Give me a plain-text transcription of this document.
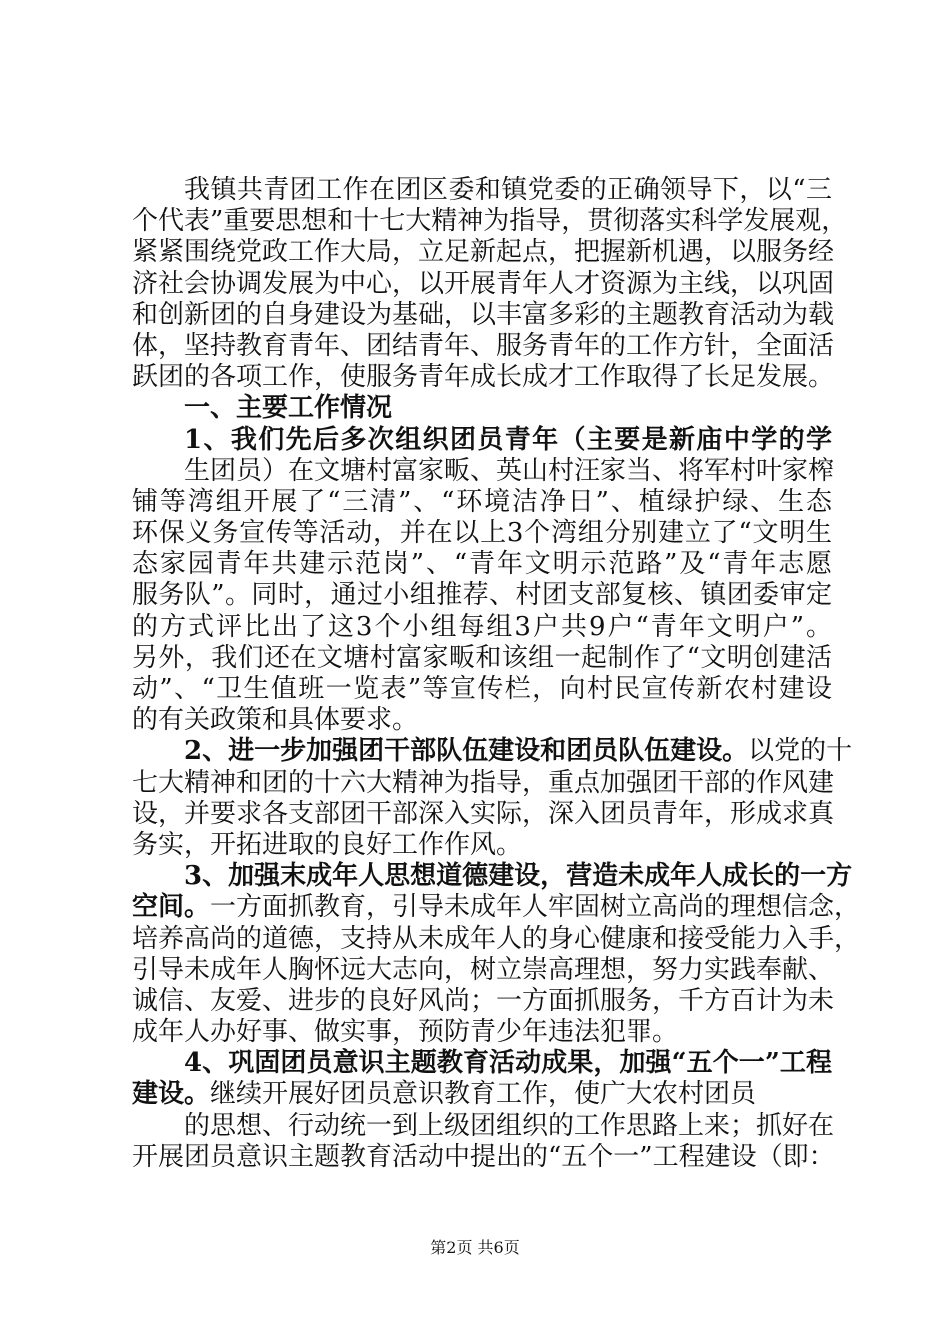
我镇共青团工作在团区委和镇党委的正确领导下，以“三
个代表”重要思想和十七大精神为指导，贯彻落实科学发展观，
紧紧围绕党政工作大局，立足新起点，把握新机遇，以服务经
济社会协调发展为中心，以开展青年人才资源为主线，以巩固
和创新团的自身建设为基础，以丰富多彩的主题教育活动为载
体，坚持教育青年、团结青年、服务青年的工作方针，全面活
跃团的各项工作，使服务青年成长成才工作取得了长足发展。
一、主要工作情况
1、我们先后多次组织团员青年（主要是新庙中学的学
生团员）在文塘村富家畈、英山村汪家当、将军村叶家榨
铺等湾组开展了“三清”、“环境洁净日”、植绿护绿、生态
环保义务宣传等活动，并在以上3个湾组分别建立了“文明生
态家园青年共建示范岗”、“青年文明示范路”及“青年志愿
服务队”。同时，通过小组推荐、村团支部复核、镇团委审定
的方式评比出了这3个小组每组3户共9户“青年文明户”。
另外，我们还在文塘村富家畈和该组一起制作了“文明创建活
动”、“卫生值班一览表”等宣传栏，向村民宣传新农村建设
的有关政策和具体要求。
2、进一步加强团干部队伍建设和团员队伍建设。以党的十
七大精神和团的十六大精神为指导，重点加强团干部的作风建
设，并要求各支部团干部深入实际，深入团员青年，形成求真
务实，开拓进取的良好工作作风。
3、加强末成年人思想道德建设，营造未成年人成长的一方
空间。一方面抓教育，引导未成年人牢固树立高尚的理想信念，
培养高尚的道德，支持从未成年人的身心健康和接受能力入手，
引导未成年人胸怀远大志向，树立崇高理想，努力实践奉献、
诚信、友爱、进步的良好风尚；一方面抓服务，千方百计为未
成年人办好事、做实事，预防青少年违法犯罪。
4、巩固团员意识主题教育活动成果，加强“五个一”工程
建设。继续开展好团员意识教育工作，使广大农村团员
的思想、行动统一到上级团组织的工作思路上来；抓好在
开展团员意识主题教育活动中提出的“五个一”工程建设（即：
第2页 共6页
